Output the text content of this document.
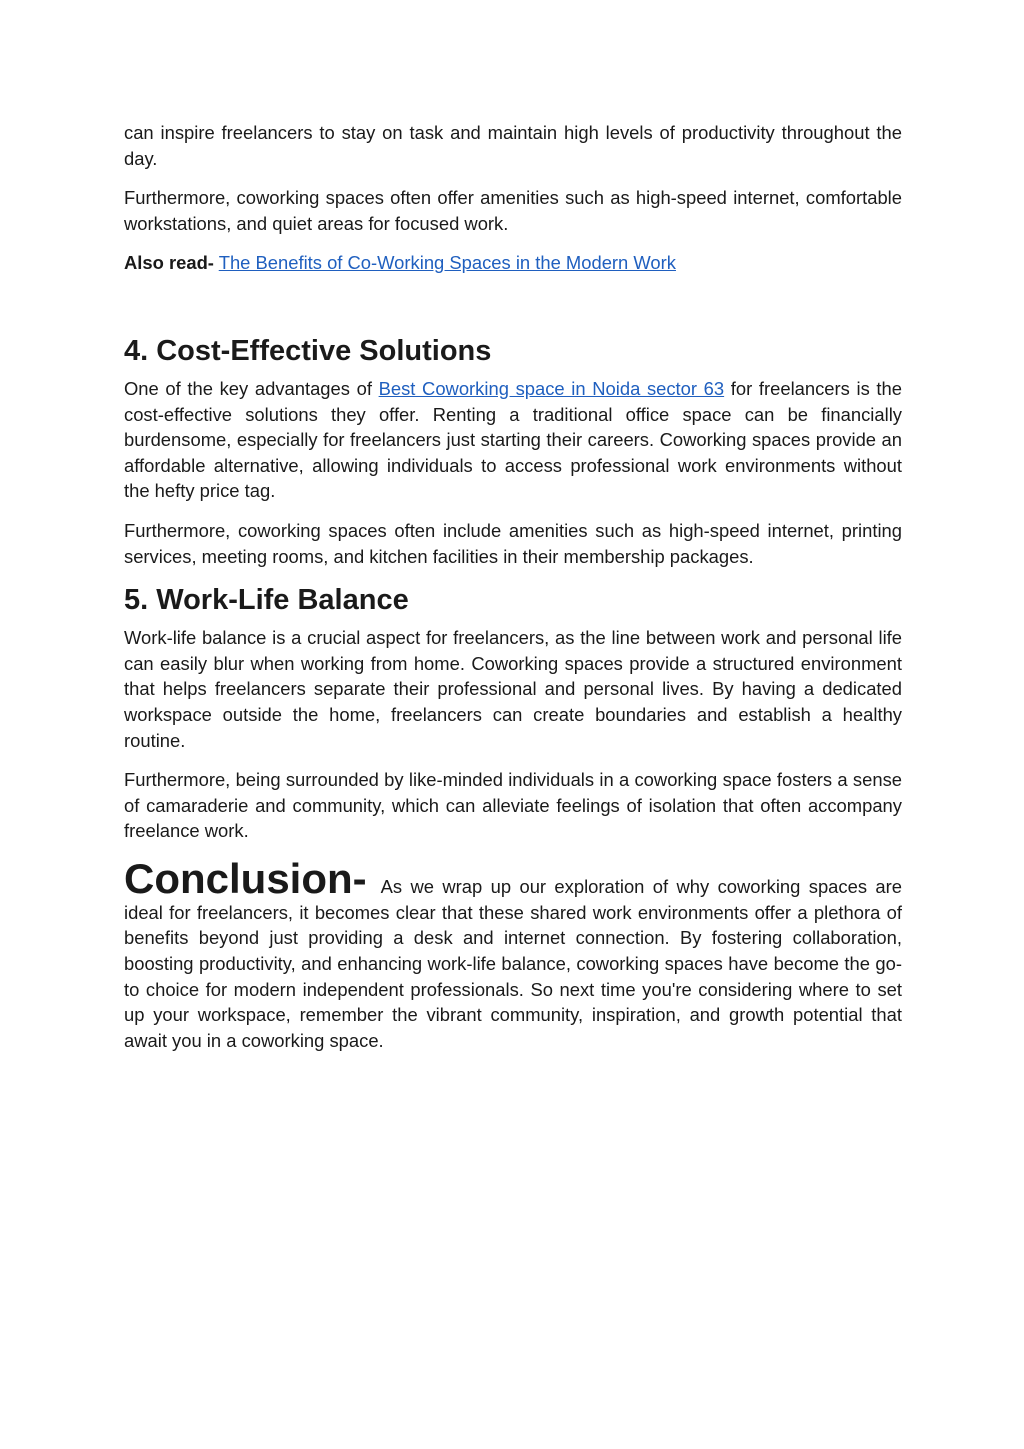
can inspire freelancers to stay on task and maintain high levels of productivity throughout the day.

Furthermore, coworking spaces often offer amenities such as high-speed internet, comfortable workstations, and quiet areas for focused work.

Also read- The Benefits of Co-Working Spaces in the Modern Work
4. Cost-Effective Solutions

One of the key advantages of Best Coworking space in Noida sector 63 for freelancers is the cost-effective solutions they offer. Renting a traditional office space can be financially burdensome, especially for freelancers just starting their careers. Coworking spaces provide an affordable alternative, allowing individuals to access professional work environments without the hefty price tag.

Furthermore, coworking spaces often include amenities such as high-speed internet, printing services, meeting rooms, and kitchen facilities in their membership packages.

5. Work-Life Balance

Work-life balance is a crucial aspect for freelancers, as the line between work and personal life can easily blur when working from home. Coworking spaces provide a structured environment that helps freelancers separate their professional and personal lives. By having a dedicated workspace outside the home, freelancers can create boundaries and establish a healthy routine.

Furthermore, being surrounded by like-minded individuals in a coworking space fosters a sense of camaraderie and community, which can alleviate feelings of isolation that often accompany freelance work.

Conclusion- As we wrap up our exploration of why coworking spaces are ideal for freelancers, it becomes clear that these shared work environments offer a plethora of benefits beyond just providing a desk and internet connection. By fostering collaboration, boosting productivity, and enhancing work-life balance, coworking spaces have become the go-to choice for modern independent professionals. So next time you're considering where to set up your workspace, remember the vibrant community, inspiration, and growth potential that await you in a coworking space.
